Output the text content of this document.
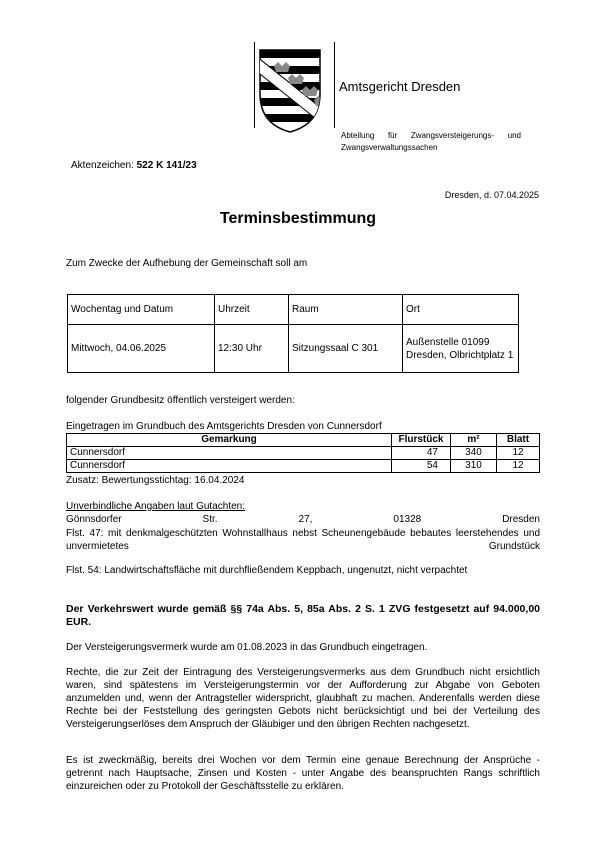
Amtsgericht Dresden
Abteilung für Zwangsversteigerungs- und Zwangsverwaltungssachen
Aktenzeichen: 522 K 141/23
Dresden, d. 07.04.2025
Terminsbestimmung
Zum Zwecke der Aufhebung der Gemeinschaft soll am
Wochentag und Datum	Uhrzeit	Raum	Ort
Mittwoch, 04.06.2025	12:30 Uhr	Sitzungssaal C 301	Außenstelle 01099 Dresden, Olbrichtplatz 1
folgender Grundbesitz öffentlich versteigert werden:
Eingetragen im Grundbuch des Amtsgerichts Dresden von Cunnersdorf
Gemarkung	Flurstück	m²	Blatt
Cunnersdorf	47	340	12
Cunnersdorf	54	310	12
Zusatz: Bewertungsstichtag: 16.04.2024
Unverbindliche Angaben laut Gutachten:
Gönnsdorfer Str. 27, 01328 Dresden
Flst. 47: mit denkmalgeschützten Wohnstallhaus nebst Scheunengebäude bebautes leerstehendes und unvermietetes Grundstück
Flst. 54: Landwirtschaftsfläche mit durchfließendem Keppbach, ungenutzt, nicht verpachtet
Der Verkehrswert wurde gemäß §§ 74a Abs. 5, 85a Abs. 2 S. 1 ZVG festgesetzt auf 94.000,00 EUR.
Der Versteigerungsvermerk wurde am 01.08.2023 in das Grundbuch eingetragen.
Rechte, die zur Zeit der Eintragung des Versteigerungsvermerks aus dem Grundbuch nicht ersichtlich waren, sind spätestens im Versteigerungstermin vor der Aufforderung zur Abgabe von Geboten anzumelden und, wenn der Antragsteller widerspricht, glaubhaft zu machen. Anderenfalls werden diese Rechte bei der Feststellung des geringsten Gebots nicht berücksichtigt und bei der Verteilung des Versteigerungserlöses dem Anspruch der Gläubiger und den übrigen Rechten nachgesetzt.
Es ist zweckmäßig, bereits drei Wochen vor dem Termin eine genaue Berechnung der Ansprüche - getrennt nach Hauptsache, Zinsen und Kosten - unter Angabe des beanspruchten Rangs schriftlich einzureichen oder zu Protokoll der Geschäftsstelle zu erklären.
